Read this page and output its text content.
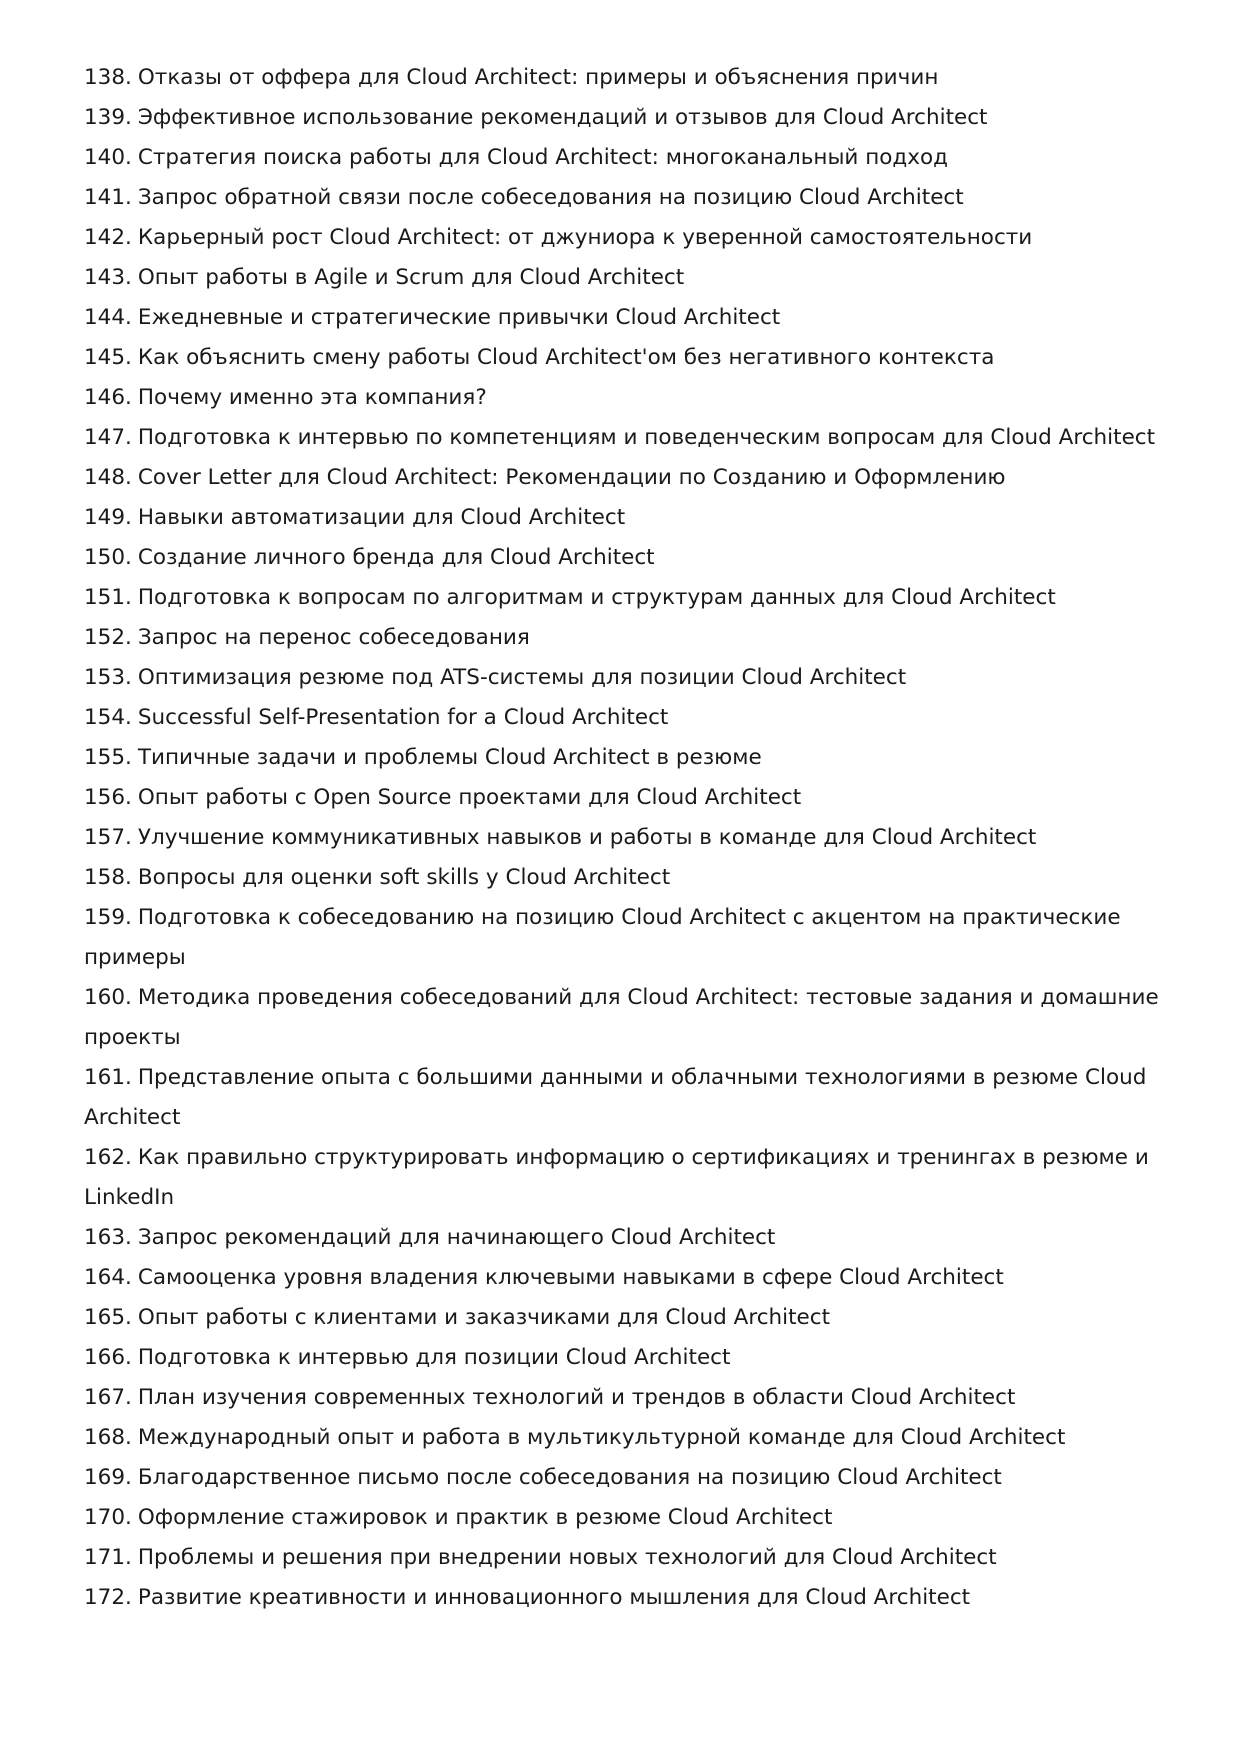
138. Отказы от оффера для Cloud Architect: примеры и объяснения причин

139. Эффективное использование рекомендаций и отзывов для Cloud Architect

140. Стратегия поиска работы для Cloud Architect: многоканальный подход

141. Запрос обратной связи после собеседования на позицию Cloud Architect

142. Карьерный рост Cloud Architect: от джуниора к уверенной самостоятельности

143. Опыт работы в Agile и Scrum для Cloud Architect

144. Ежедневные и стратегические привычки Cloud Architect

145. Как объяснить смену работы Cloud Architect'ом без негативного контекста

146. Почему именно эта компания?

147. Подготовка к интервью по компетенциям и поведенческим вопросам для Cloud Architect

148. Cover Letter для Cloud Architect: Рекомендации по Созданию и Оформлению

149. Навыки автоматизации для Cloud Architect

150. Создание личного бренда для Cloud Architect

151. Подготовка к вопросам по алгоритмам и структурам данных для Cloud Architect

152. Запрос на перенос собеседования

153. Оптимизация резюме под ATS-системы для позиции Cloud Architect

154. Successful Self-Presentation for a Cloud Architect

155. Типичные задачи и проблемы Cloud Architect в резюме

156. Опыт работы с Open Source проектами для Cloud Architect

157. Улучшение коммуникативных навыков и работы в команде для Cloud Architect

158. Вопросы для оценки soft skills у Cloud Architect

159. Подготовка к собеседованию на позицию Cloud Architect с акцентом на практические примеры

160. Методика проведения собеседований для Cloud Architect: тестовые задания и домашние проекты

161. Представление опыта с большими данными и облачными технологиями в резюме Cloud Architect

162. Как правильно структурировать информацию о сертификациях и тренингах в резюме и LinkedIn

163. Запрос рекомендаций для начинающего Cloud Architect

164. Самооценка уровня владения ключевыми навыками в сфере Cloud Architect

165. Опыт работы с клиентами и заказчиками для Cloud Architect

166. Подготовка к интервью для позиции Cloud Architect

167. План изучения современных технологий и трендов в области Cloud Architect

168. Международный опыт и работа в мультикультурной команде для Cloud Architect

169. Благодарственное письмо после собеседования на позицию Cloud Architect

170. Оформление стажировок и практик в резюме Cloud Architect

171. Проблемы и решения при внедрении новых технологий для Cloud Architect

172. Развитие креативности и инновационного мышления для Cloud Architect
